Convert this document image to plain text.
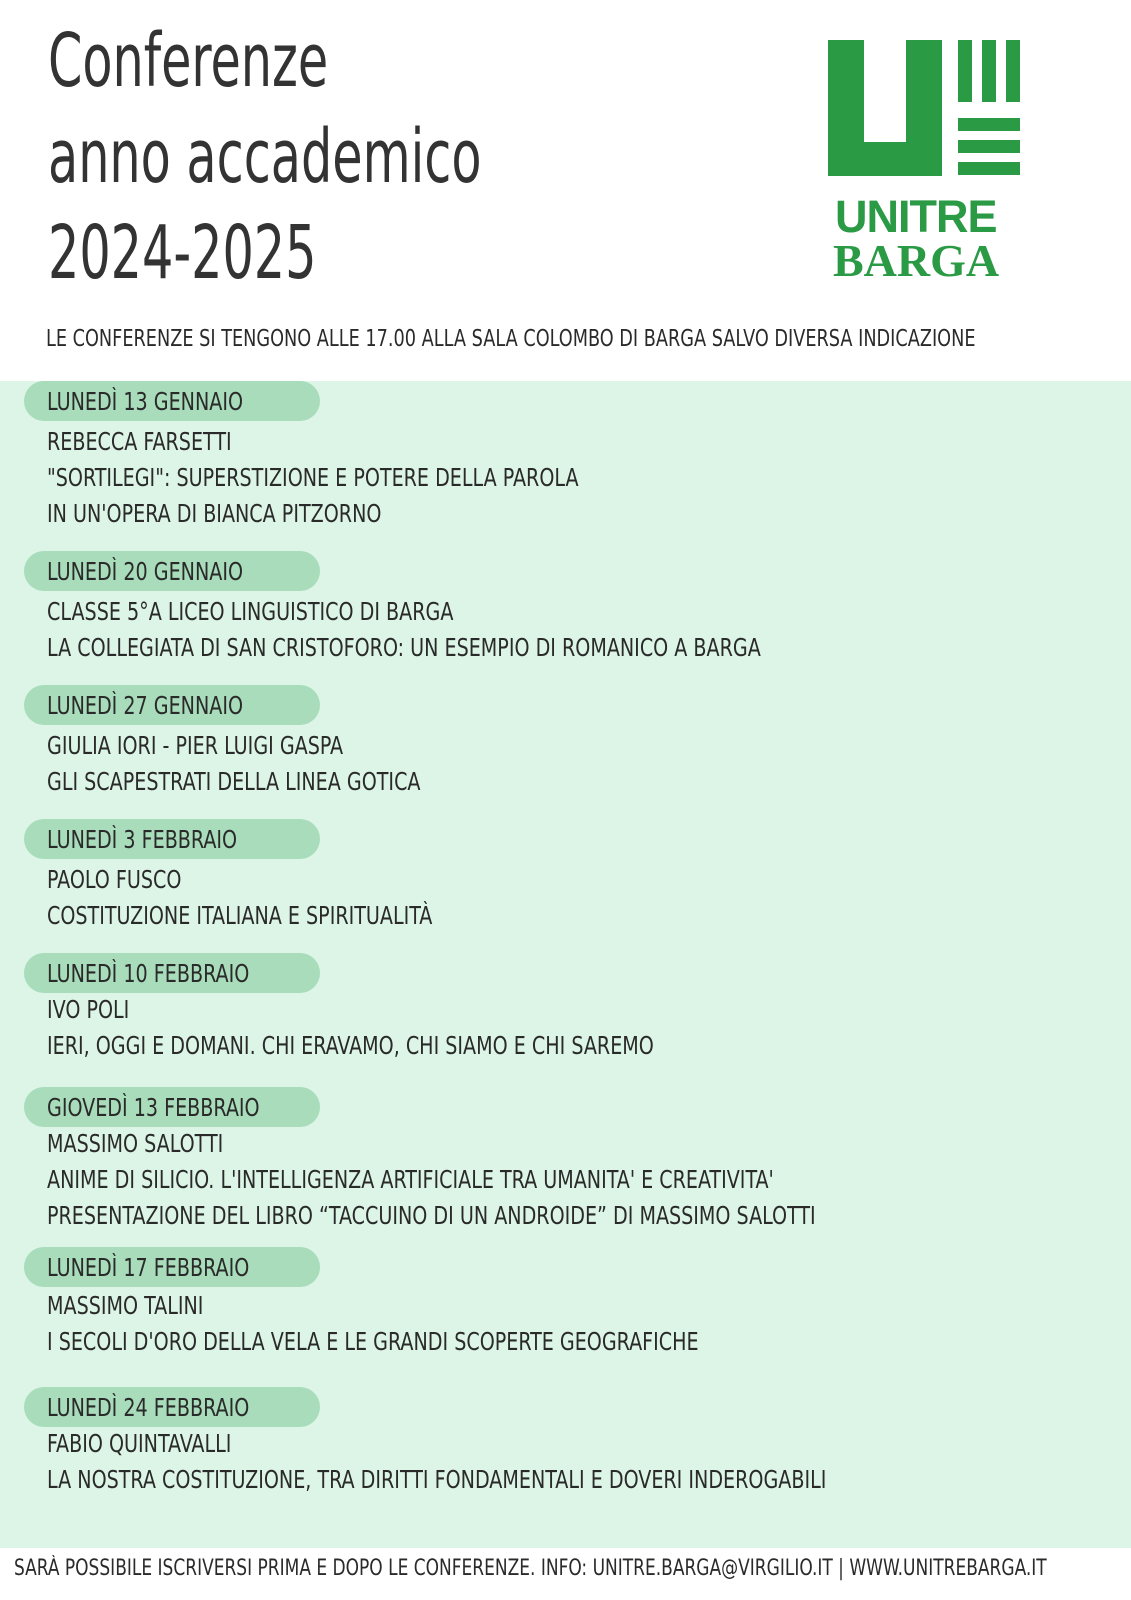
Conferenze
anno accademico
2024-2025	UNITRE

BARGA

LE CONFERENZE SI TENGONO ALLE 17.00 ALLA SALA COLOMBO DI BARGA SALVO DIVERSA INDICAZIONE

LUNEDÌ 13 GENNAIO

REBECCA FARSETTI

"SORTILEGI": SUPERSTIZIONE E POTERE DELLA PAROLA

IN UN'OPERA DI BIANCA PITZORNO

LUNEDÌ 20 GENNAIO

CLASSE 5°A LICEO LINGUISTICO DI BARGA

LA COLLEGIATA DI SAN CRISTOFORO: UN ESEMPIO DI ROMANICO A BARGA

LUNEDÌ 27 GENNAIO

GIULIA IORI - PIER LUIGI GASPA

GLI SCAPESTRATI DELLA LINEA GOTICA

LUNEDÌ 3 FEBBRAIO

PAOLO FUSCO

COSTITUZIONE ITALIANA E SPIRITUALITÀ

LUNEDÌ 10 FEBBRAIO

IVO POLI

IERI, OGGI E DOMANI. CHI ERAVAMO, CHI SIAMO E CHI SAREMO

GIOVEDÌ 13 FEBBRAIO

MASSIMO SALOTTI

ANIME DI SILICIO. L'INTELLIGENZA ARTIFICIALE TRA UMANITA' E CREATIVITA'

PRESENTAZIONE DEL LIBRO “TACCUINO DI UN ANDROIDE” DI MASSIMO SALOTTI

LUNEDÌ 17 FEBBRAIO

MASSIMO TALINI

I SECOLI D'ORO DELLA VELA E LE GRANDI SCOPERTE GEOGRAFICHE

LUNEDÌ 24 FEBBRAIO

FABIO QUINTAVALLI

LA NOSTRA COSTITUZIONE, TRA DIRITTI FONDAMENTALI E DOVERI INDEROGABILI

SARÀ POSSIBILE ISCRIVERSI PRIMA E DOPO LE CONFERENZE. INFO: UNITRE.BARGA@VIRGILIO.IT | WWW.UNITREBARGA.IT
